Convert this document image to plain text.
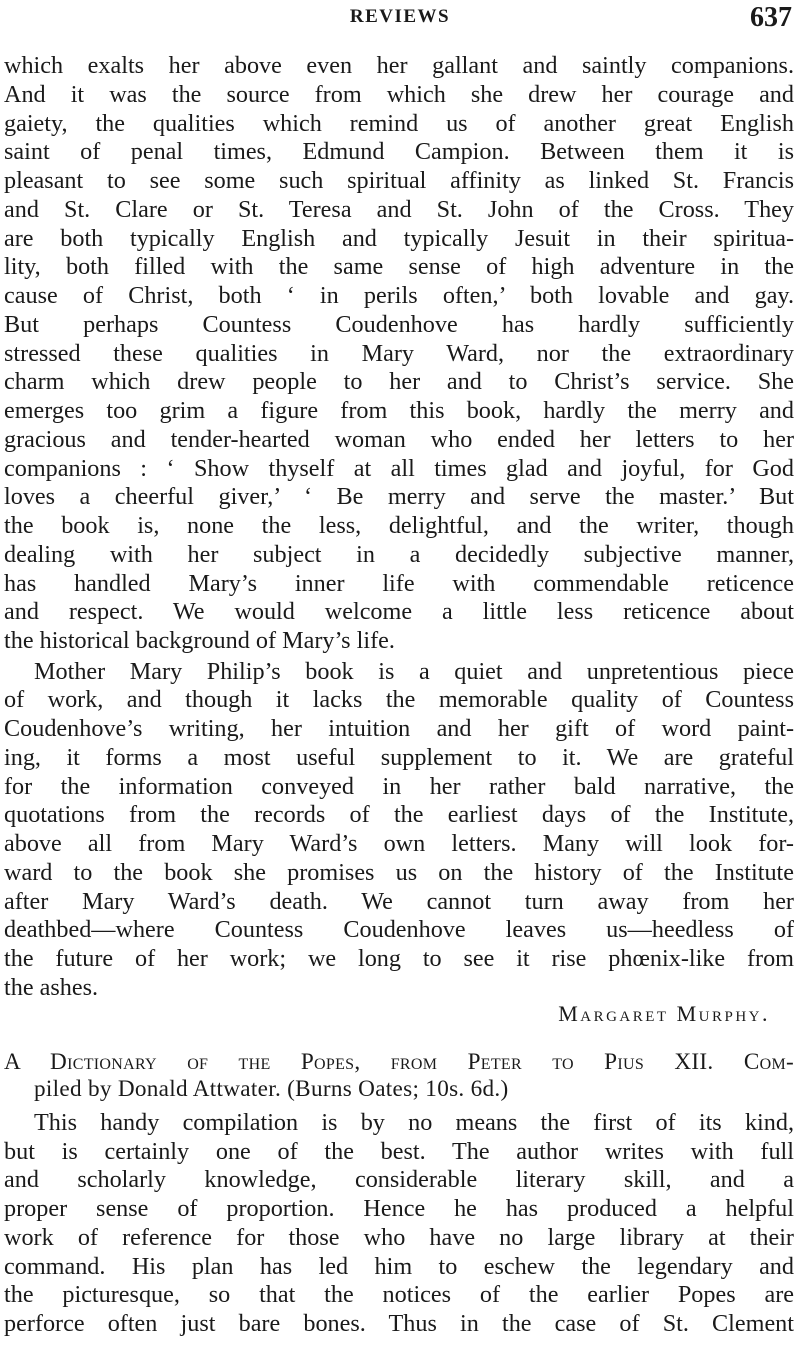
REVIEWS	637
which exalts her above even her gallant and saintly companions.
And it was the source from which she drew her courage and
gaiety, the qualities which remind us of another great English
saint of penal times, Edmund Campion. Between them it is
pleasant to see some such spiritual affinity as linked St. Francis
and St. Clare or St. Teresa and St. John of the Cross. They
are both typically English and typically Jesuit in their spiritua-
lity, both filled with the same sense of high adventure in the
cause of Christ, both ‘ in perils often,’ both lovable and gay.
But perhaps Countess Coudenhove has hardly sufficiently
stressed these qualities in Mary Ward, nor the extraordinary
charm which drew people to her and to Christ’s service. She
emerges too grim a figure from this book, hardly the merry and
gracious and tender-hearted woman who ended her letters to her
companions : ‘ Show thyself at all times glad and joyful, for God
loves a cheerful giver,’ ‘ Be merry and serve the master.’ But
the book is, none the less, delightful, and the writer, though
dealing with her subject in a decidedly subjective manner,
has handled Mary’s inner life with commendable reticence
and respect. We would welcome a little less reticence about
the historical background of Mary’s life.
Mother Mary Philip’s book is a quiet and unpretentious piece
of work, and though it lacks the memorable quality of Countess
Coudenhove’s writing, her intuition and her gift of word paint-
ing, it forms a most useful supplement to it. We are grateful
for the information conveyed in her rather bald narrative, the
quotations from the records of the earliest days of the Institute,
above all from Mary Ward’s own letters. Many will look for-
ward to the book she promises us on the history of the Institute
after Mary Ward’s death. We cannot turn away from her
deathbed—where Countess Coudenhove leaves us—heedless of
the future of her work; we long to see it rise phœnix-like from
the ashes.
Margaret Murphy.
A Dictionary of the Popes, from Peter to Pius XII. Com-
piled by Donald Attwater. (Burns Oates; 10s. 6d.)
This handy compilation is by no means the first of its kind,
but is certainly one of the best. The author writes with full
and scholarly knowledge, considerable literary skill, and a
proper sense of proportion. Hence he has produced a helpful
work of reference for those who have no large library at their
command. His plan has led him to eschew the legendary and
the picturesque, so that the notices of the earlier Popes are
perforce often just bare bones. Thus in the case of St. Clement
